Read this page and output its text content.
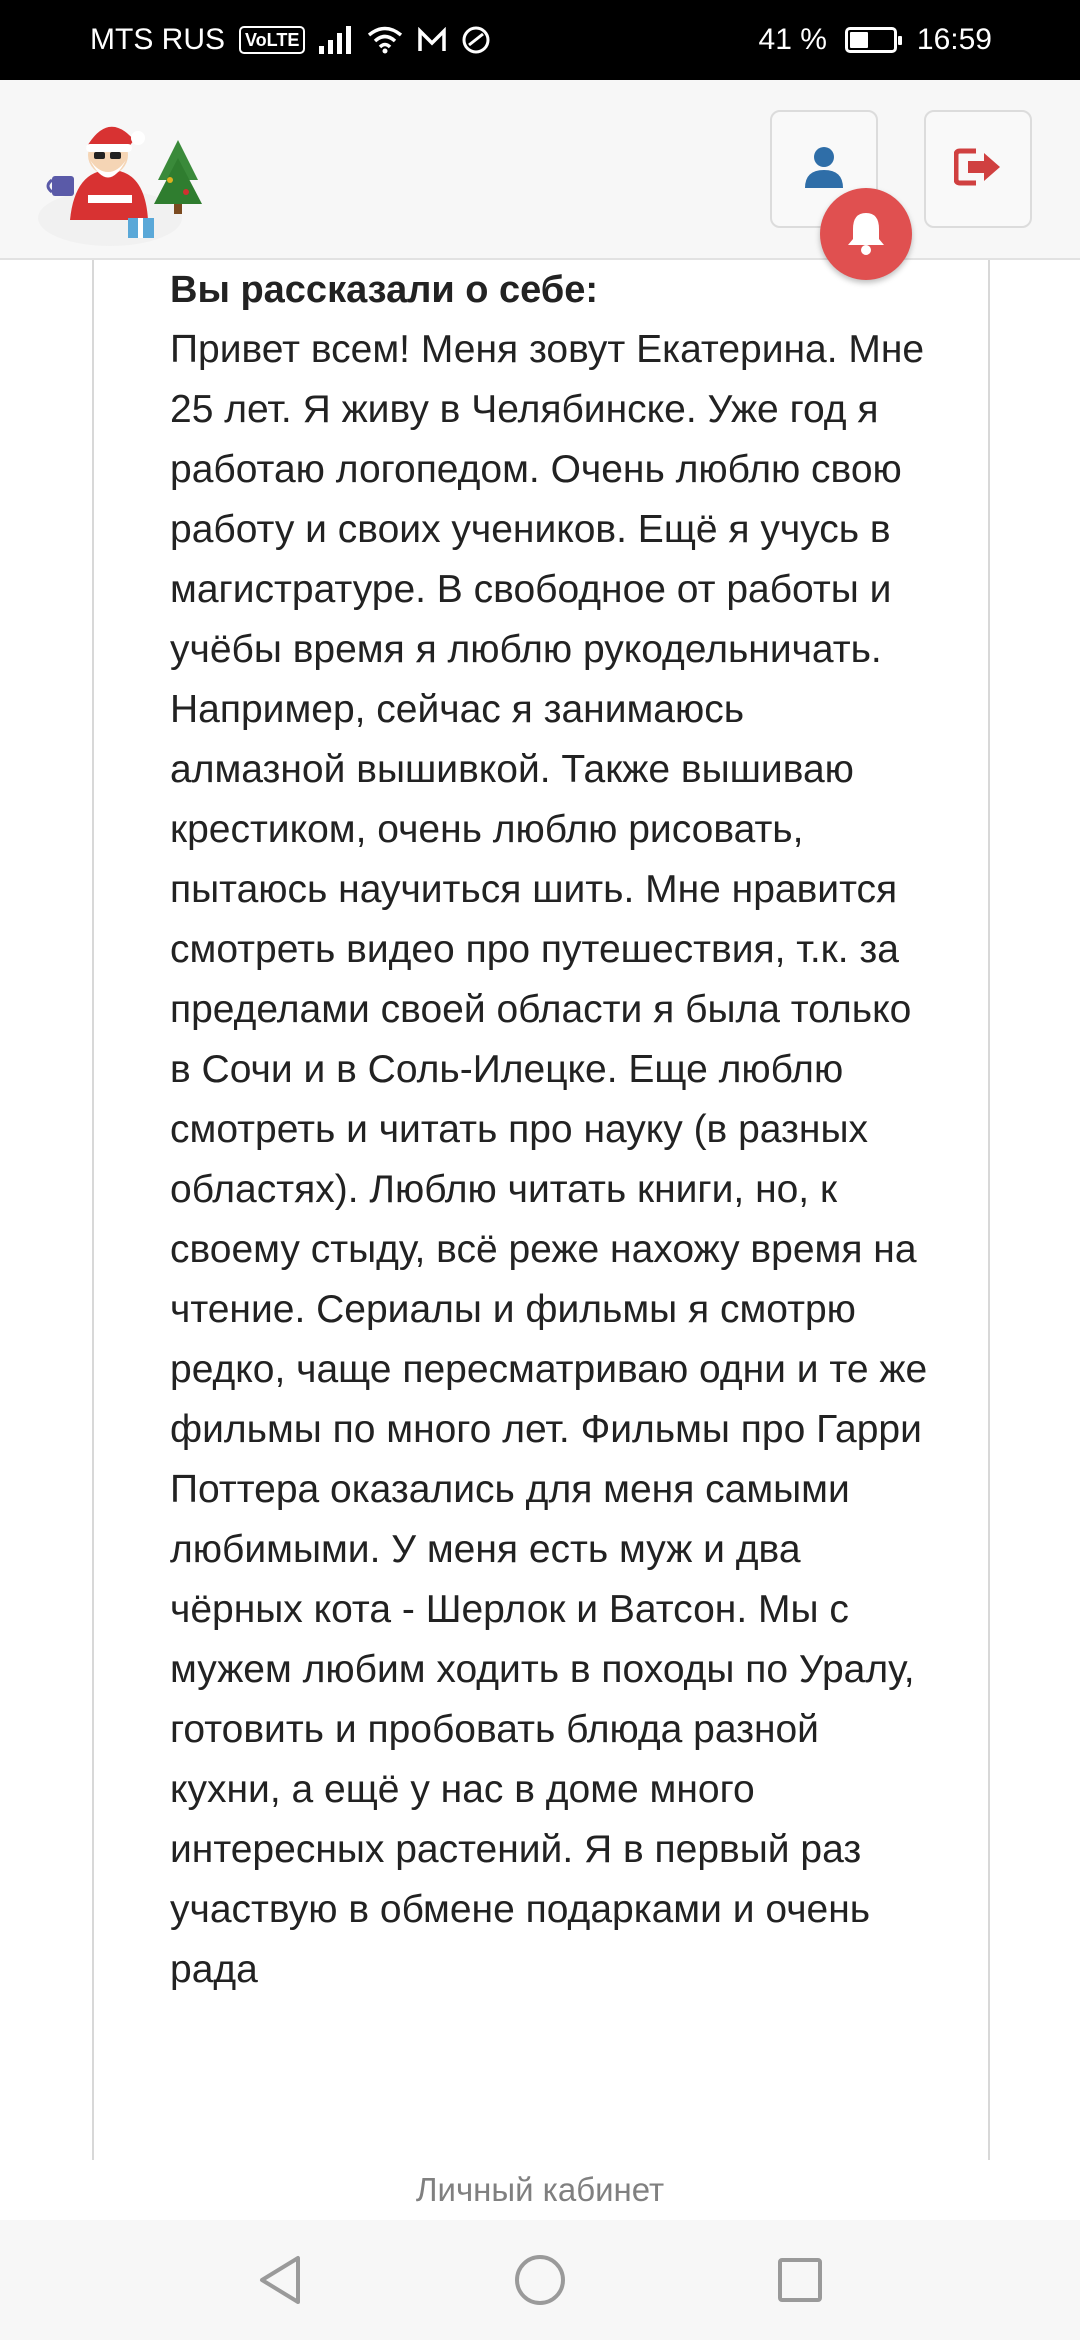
MTS RUS	VoLTE	41 %	16:59
Вы рассказали о себе:
Привет всем! Меня зовут Екатерина. Мне 25 лет. Я живу в Челябинске. Уже год я работаю логопедом. Очень люблю свою работу и своих учеников. Ещё я учусь в магистратуре. В свободное от работы и учёбы время я люблю рукодельничать. Например, сейчас я занимаюсь алмазной вышивкой. Также вышиваю крестиком, очень люблю рисовать, пытаюсь научиться шить. Мне нравится смотреть видео про путешествия, т.к. за пределами своей области я была только в Сочи и в Соль-Илецке. Еще люблю смотреть и читать про науку (в разных областях). Люблю читать книги, но, к своему стыду, всё реже нахожу время на чтение. Сериалы и фильмы я смотрю редко, чаще пересматриваю одни и те же фильмы по много лет. Фильмы про Гарри Поттера оказались для меня самыми любимыми. У меня есть муж и два чёрных кота - Шерлок и Ватсон. Мы с мужем любим ходить в походы по Уралу, готовить и пробовать блюда разной кухни, а ещё у нас в доме много интересных растений. Я в первый раз участвую в обмене подарками и очень рада
Личный кабинет
